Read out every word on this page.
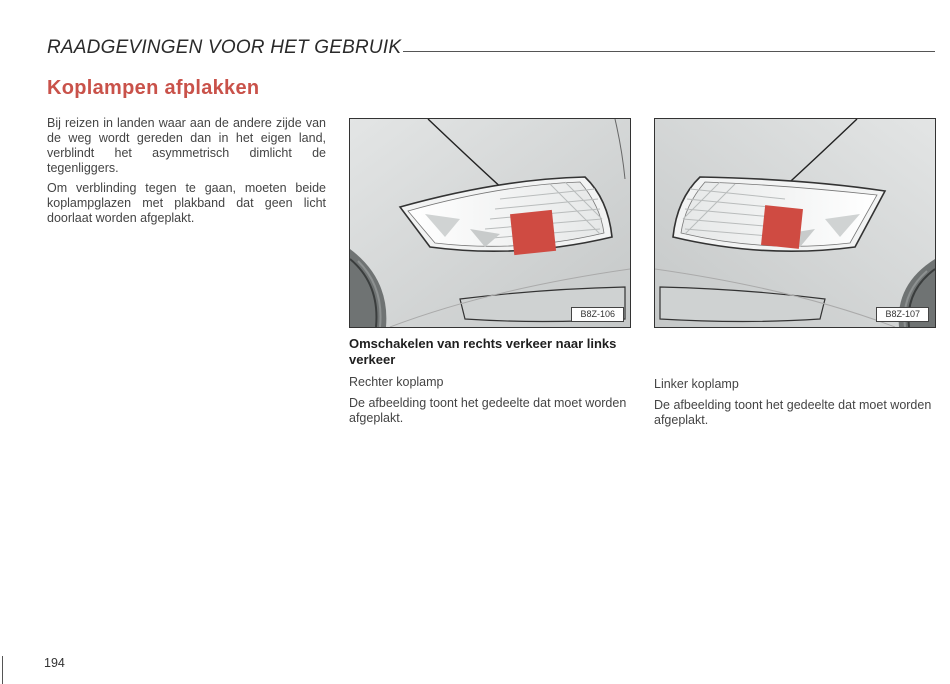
RAADGEVINGEN VOOR HET GEBRUIK
Koplampen afplakken

Bij reizen in landen waar aan de andere zijde van de weg wordt gereden dan in het eigen land, verblindt het asymmetrisch dimlicht de tegenliggers.

Om verblinding tegen te gaan, moeten beide koplampglazen met plakband dat geen licht doorlaat worden afgeplakt.

B8Z-106	B8Z-107

Omschakelen van rechts verkeer naar links verkeer

Rechter koplamp

De afbeelding toont het gedeelte dat moet worden afgeplakt.

Linker koplamp

De afbeelding toont het gedeelte dat moet worden afgeplakt.

194
